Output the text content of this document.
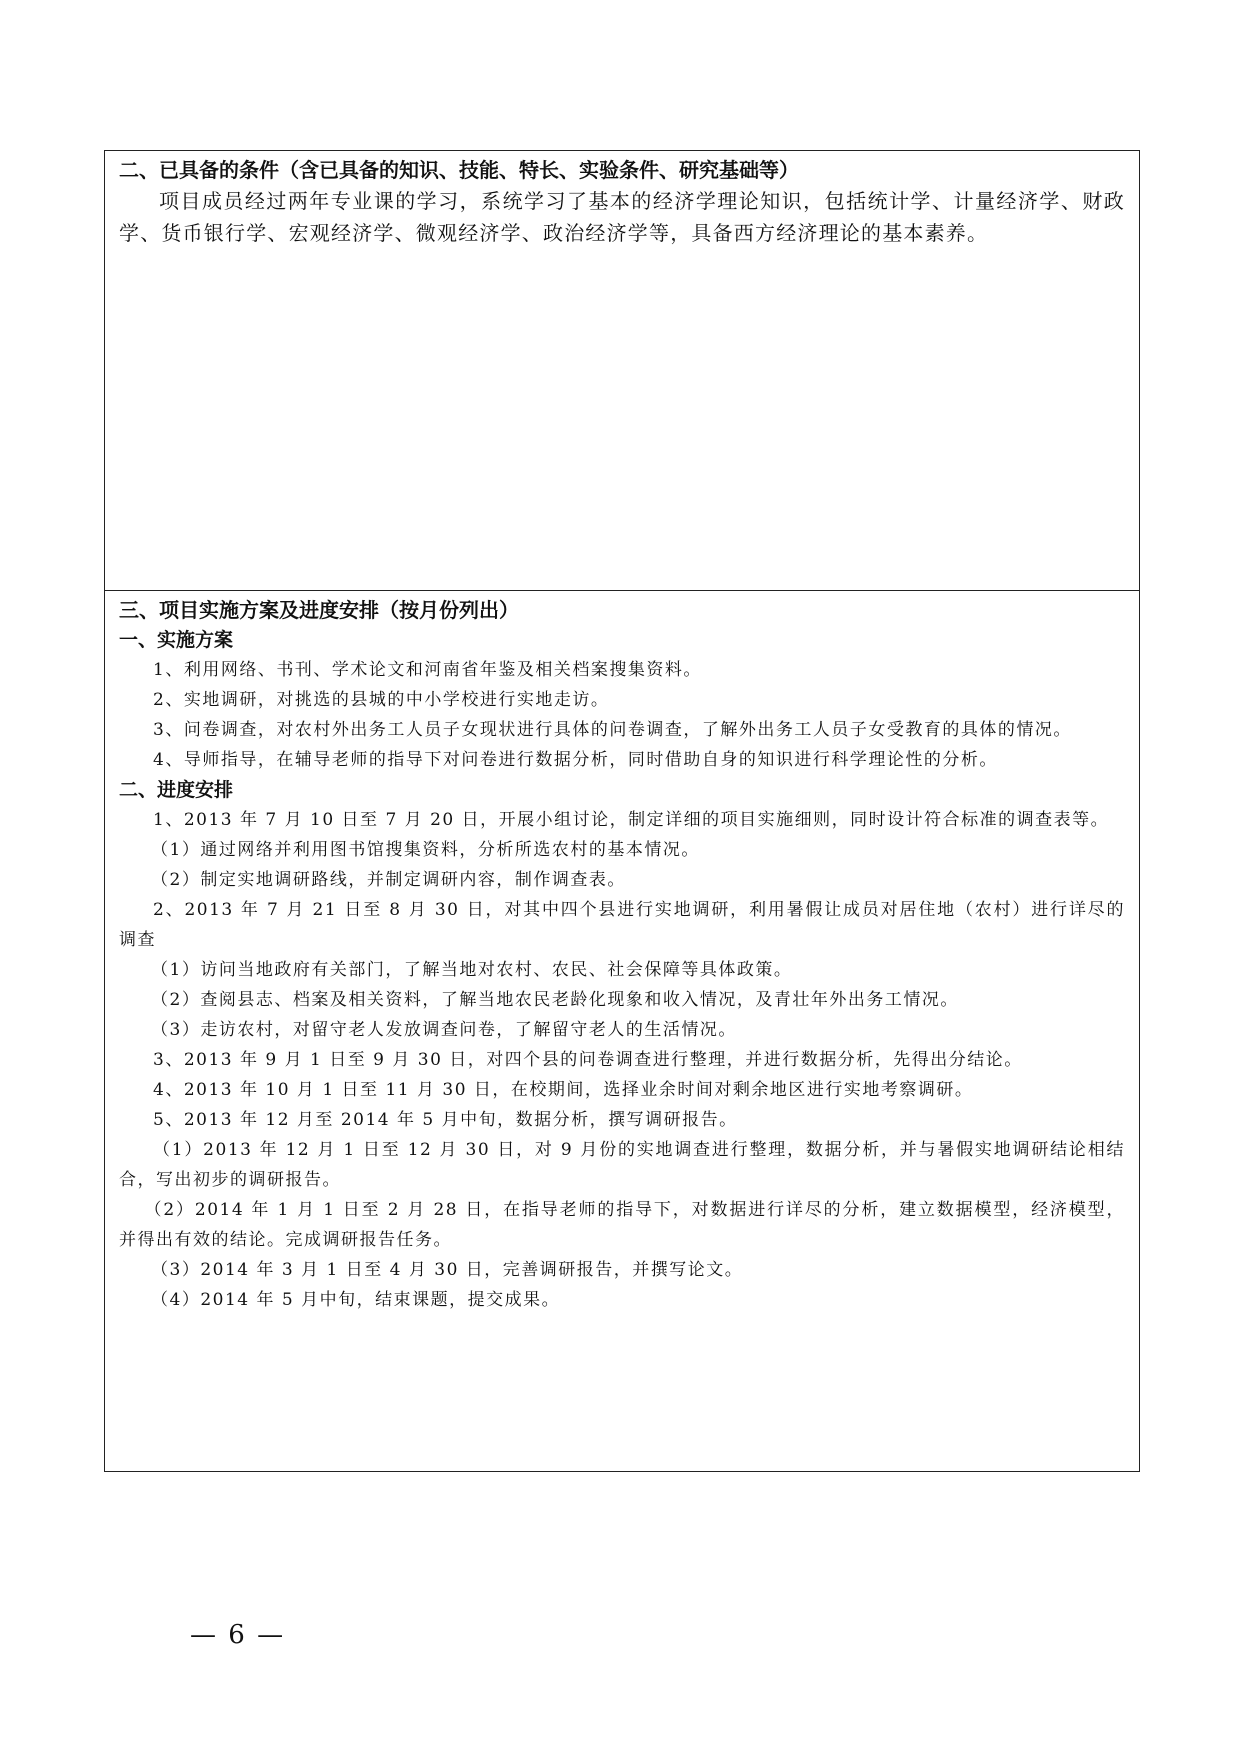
二、已具备的条件（含已具备的知识、技能、特长、实验条件、研究基础等）

项目成员经过两年专业课的学习，系统学习了基本的经济学理论知识，包括统计学、计量经济学、财政学、货币银行学、宏观经济学、微观经济学、政治经济学等，具备西方经济理论的基本素养。

三、项目实施方案及进度安排（按月份列出）

一、实施方案

1、利用网络、书刊、学术论文和河南省年鉴及相关档案搜集资料。

2、实地调研，对挑选的县城的中小学校进行实地走访。

3、问卷调查，对农村外出务工人员子女现状进行具体的问卷调查，了解外出务工人员子女受教育的具体的情况。

4、导师指导，在辅导老师的指导下对问卷进行数据分析，同时借助自身的知识进行科学理论性的分析。

二、进度安排

1、2013 年 7 月 10 日至 7 月 20 日，开展小组讨论，制定详细的项目实施细则，同时设计符合标准的调查表等。

（1）通过网络并利用图书馆搜集资料，分析所选农村的基本情况。

（2）制定实地调研路线，并制定调研内容，制作调查表。

2、2013 年 7 月 21 日至 8 月 30 日，对其中四个县进行实地调研，利用暑假让成员对居住地（农村）进行详尽的调查

（1）访问当地政府有关部门，了解当地对农村、农民、社会保障等具体政策。

（2）查阅县志、档案及相关资料，了解当地农民老龄化现象和收入情况，及青壮年外出务工情况。

（3）走访农村，对留守老人发放调查问卷，了解留守老人的生活情况。

3、2013 年 9 月 1 日至 9 月 30 日，对四个县的问卷调查进行整理，并进行数据分析，先得出分结论。

4、2013 年 10 月 1 日至 11 月 30 日，在校期间，选择业余时间对剩余地区进行实地考察调研。

5、2013 年 12 月至 2014 年 5 月中旬，数据分析，撰写调研报告。

（1）2013 年 12 月 1 日至 12 月 30 日，对 9 月份的实地调查进行整理，数据分析，并与暑假实地调研结论相结合，写出初步的调研报告。

（2）2014 年 1 月 1 日至 2 月 28 日，在指导老师的指导下，对数据进行详尽的分析，建立数据模型，经济模型，并得出有效的结论。完成调研报告任务。

（3）2014 年 3 月 1 日至 4 月 30 日，完善调研报告，并撰写论文。

（4）2014 年 5 月中旬，结束课题，提交成果。

— 6 —
